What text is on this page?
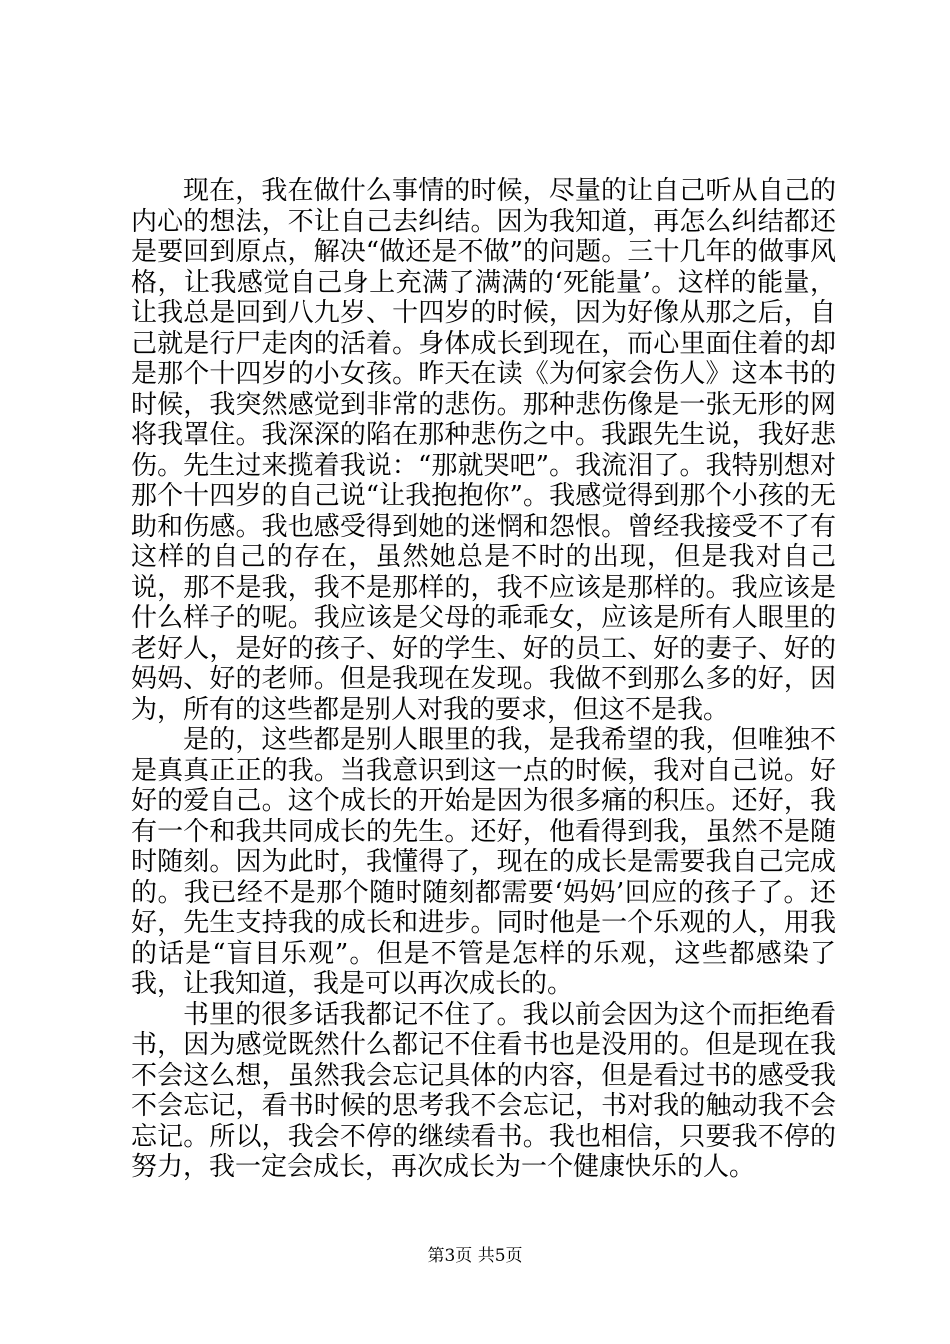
现在，我在做什么事情的时候，尽量的让自己听从自己的内心的想法，不让自己去纠结。因为我知道，再怎么纠结都还是要回到原点，解决“做还是不做”的问题。三十几年的做事风格，让我感觉自己身上充满了满满的‘死能量’。这样的能量，让我总是回到八九岁、十四岁的时候，因为好像从那之后，自己就是行尸走肉的活着。身体成长到现在，而心里面住着的却是那个十四岁的小女孩。昨天在读《为何家会伤人》这本书的时候，我突然感觉到非常的悲伤。那种悲伤像是一张无形的网将我罩住。我深深的陷在那种悲伤之中。我跟先生说，我好悲伤。先生过来揽着我说：“那就哭吧”。我流泪了。我特别想对那个十四岁的自己说“让我抱抱你”。我感觉得到那个小孩的无助和伤感。我也感受得到她的迷惘和怨恨。曾经我接受不了有这样的自己的存在，虽然她总是不时的出现，但是我对自己说，那不是我，我不是那样的，我不应该是那样的。我应该是什么样子的呢。我应该是父母的乖乖女，应该是所有人眼里的老好人，是好的孩子、好的学生、好的员工、好的妻子、好的妈妈、好的老师。但是我现在发现。我做不到那么多的好，因为，所有的这些都是别人对我的要求，但这不是我。

是的，这些都是别人眼里的我，是我希望的我，但唯独不是真真正正的我。当我意识到这一点的时候，我对自己说。好好的爱自己。这个成长的开始是因为很多痛的积压。还好，我有一个和我共同成长的先生。还好，他看得到我，虽然不是随时随刻。因为此时，我懂得了，现在的成长是需要我自己完成的。我已经不是那个随时随刻都需要‘妈妈’回应的孩子了。还好，先生支持我的成长和进步。同时他是一个乐观的人，用我的话是“盲目乐观”。但是不管是怎样的乐观，这些都感染了我，让我知道，我是可以再次成长的。

书里的很多话我都记不住了。我以前会因为这个而拒绝看书，因为感觉既然什么都记不住看书也是没用的。但是现在我不会这么想，虽然我会忘记具体的内容，但是看过书的感受我不会忘记，看书时候的思考我不会忘记，书对我的触动我不会忘记。所以，我会不停的继续看书。我也相信，只要我不停的努力，我一定会成长，再次成长为一个健康快乐的人。

第3页 共5页
